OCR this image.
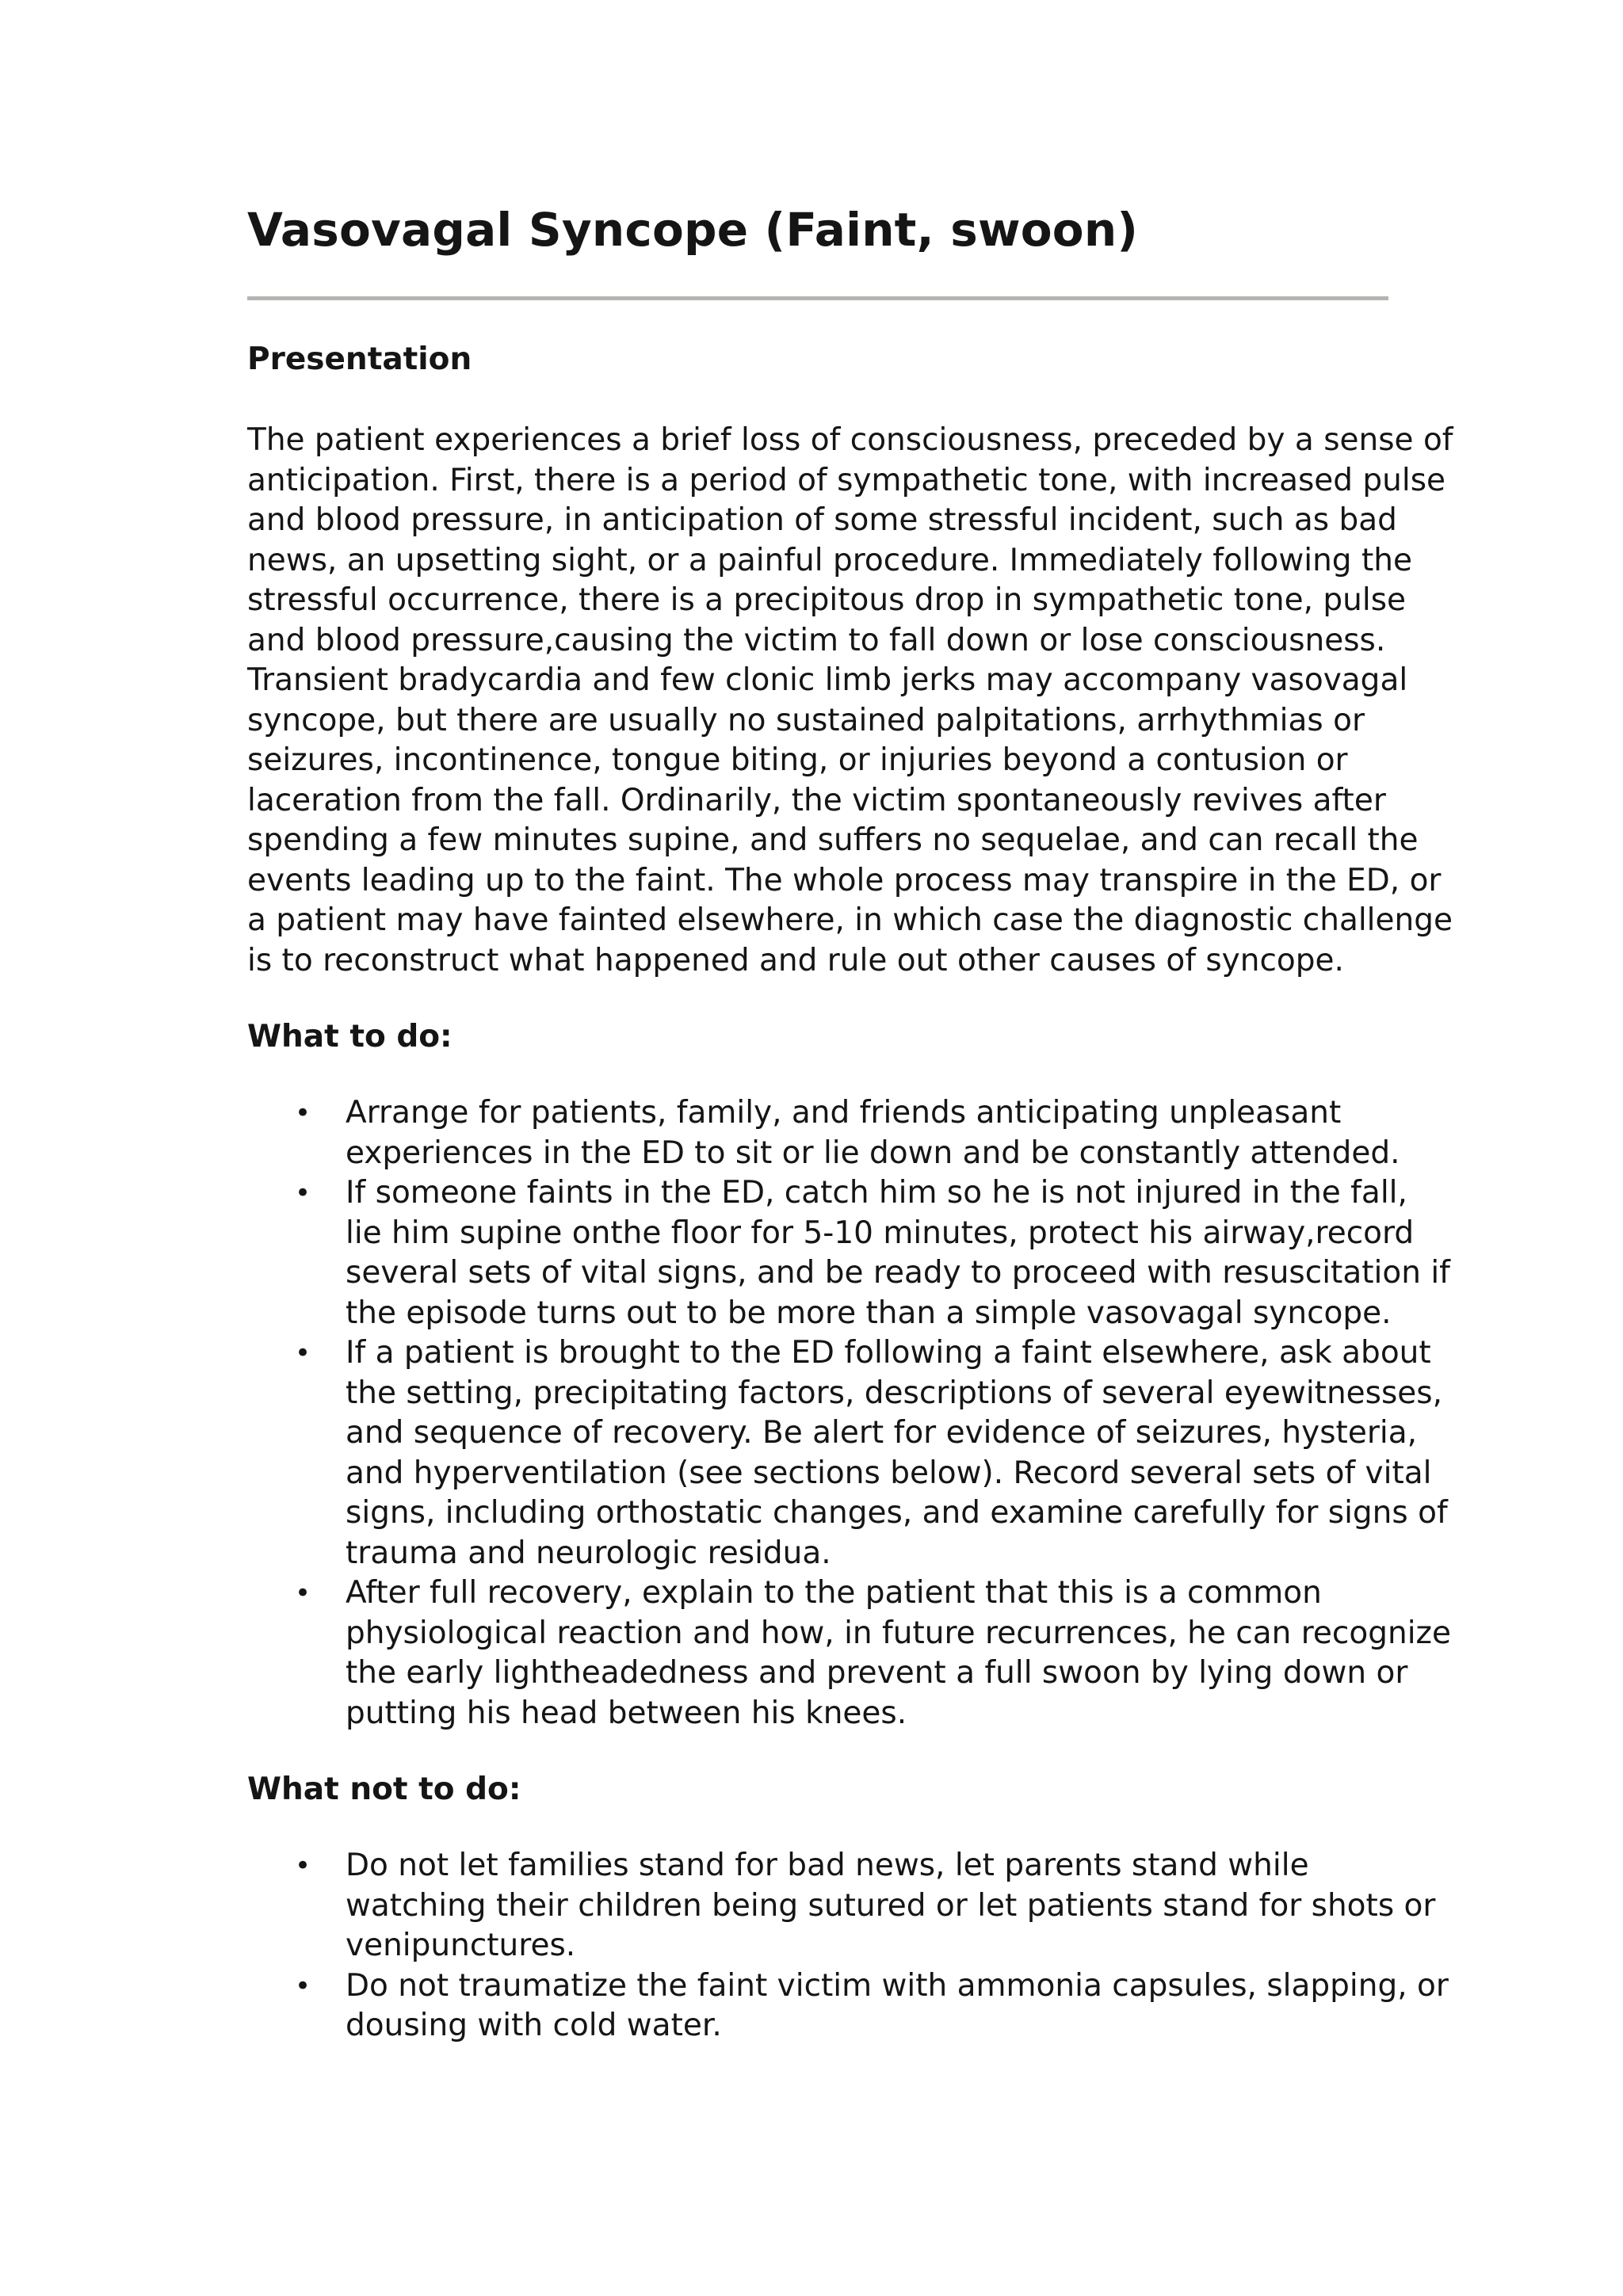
Vasovagal Syncope (Faint, swoon)
Presentation

The patient experiences a brief loss of consciousness, preceded by a sense of
anticipation. First, there is a period of sympathetic tone, with increased pulse
and blood pressure, in anticipation of some stressful incident, such as bad
news, an upsetting sight, or a painful procedure. Immediately following the
stressful occurrence, there is a precipitous drop in sympathetic tone, pulse
and blood pressure,causing the victim to fall down or lose consciousness.
Transient bradycardia and few clonic limb jerks may accompany vasovagal
syncope, but there are usually no sustained palpitations, arrhythmias or
seizures, incontinence, tongue biting, or injuries beyond a contusion or
laceration from the fall. Ordinarily, the victim spontaneously revives after
spending a few minutes supine, and suffers no sequelae, and can recall the
events leading up to the faint. The whole process may transpire in the ED, or
a patient may have fainted elsewhere, in which case the diagnostic challenge
is to reconstruct what happened and rule out other causes of syncope.

What to do:
• Arrange for patients, family, and friends anticipating unpleasant
experiences in the ED to sit or lie down and be constantly attended.
• If someone faints in the ED, catch him so he is not injured in the fall,
lie him supine onthe floor for 5-10 minutes, protect his airway,record
several sets of vital signs, and be ready to proceed with resuscitation if
the episode turns out to be more than a simple vasovagal syncope.
• If a patient is brought to the ED following a faint elsewhere, ask about
the setting, precipitating factors, descriptions of several eyewitnesses,
and sequence of recovery. Be alert for evidence of seizures, hysteria,
and hyperventilation (see sections below). Record several sets of vital
signs, including orthostatic changes, and examine carefully for signs of
trauma and neurologic residua.
• After full recovery, explain to the patient that this is a common
physiological reaction and how, in future recurrences, he can recognize
the early lightheadedness and prevent a full swoon by lying down or
putting his head between his knees.
What not to do:
• Do not let families stand for bad news, let parents stand while
watching their children being sutured or let patients stand for shots or
venipunctures.
• Do not traumatize the faint victim with ammonia capsules, slapping, or
dousing with cold water.
